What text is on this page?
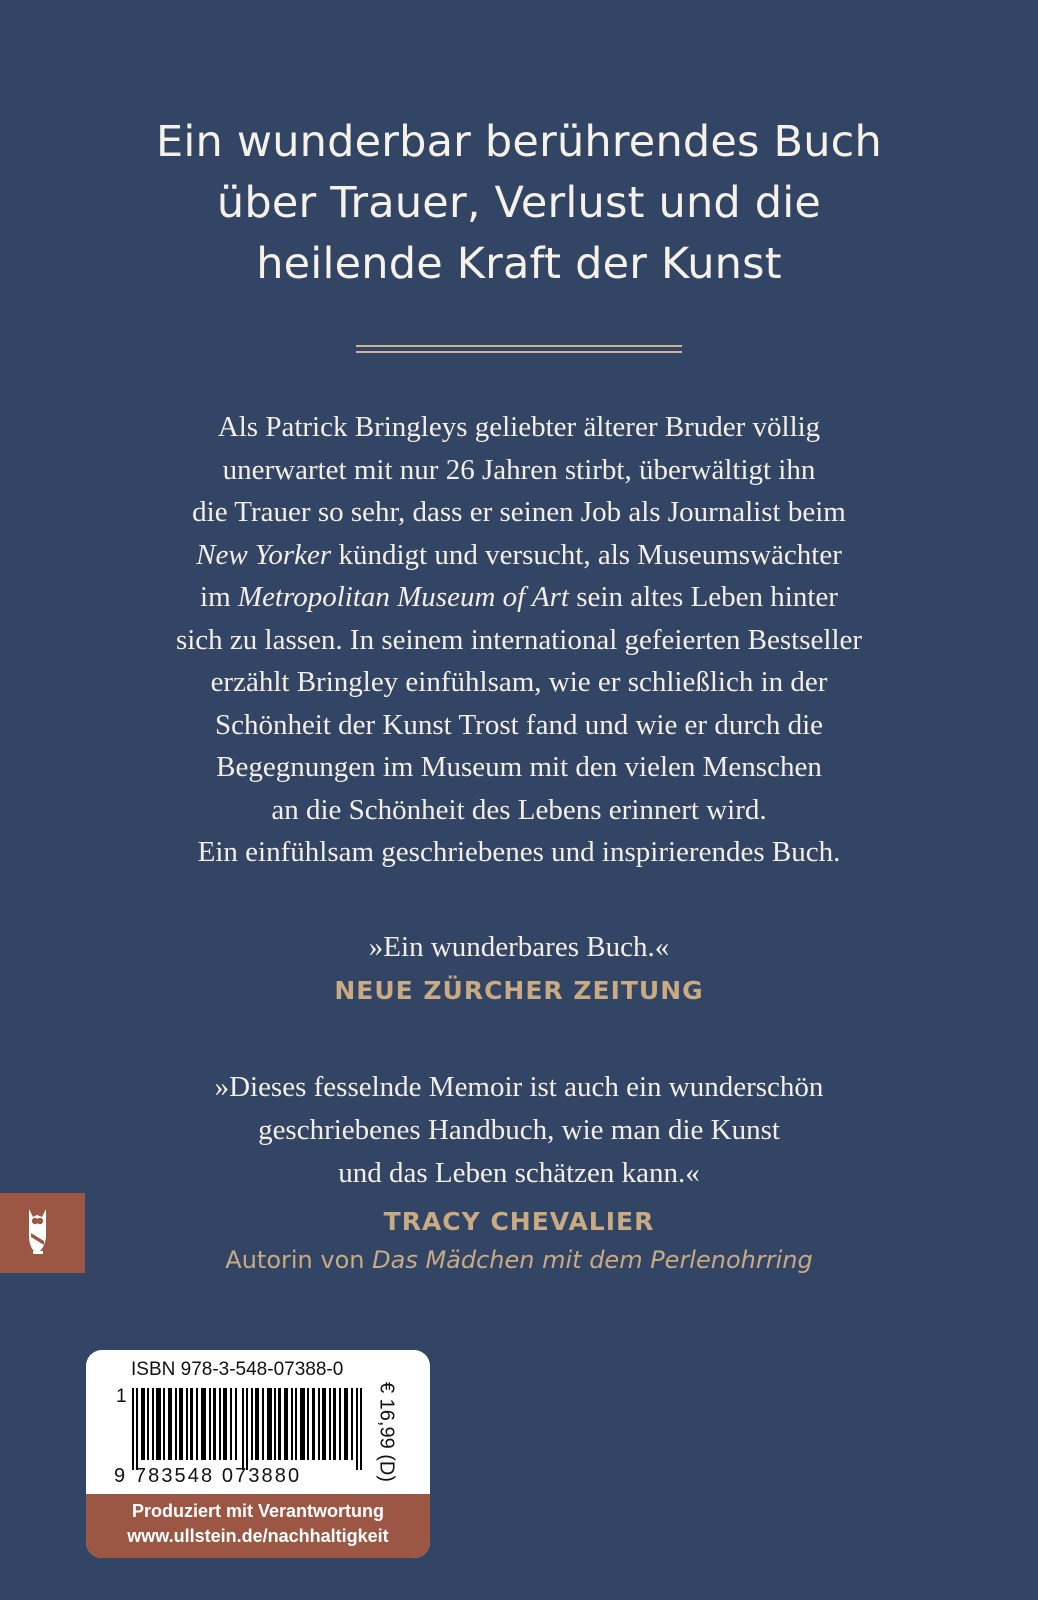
Ein wunderbar berührendes Buch
über Trauer, Verlust und die
heilende Kraft der Kunst
Als Patrick Bringleys geliebter älterer Bruder völlig
unerwartet mit nur 26 Jahren stirbt, überwältigt ihn
die Trauer so sehr, dass er seinen Job als Journalist beim
New Yorker kündigt und versucht, als Museumswächter
im Metropolitan Museum of Art sein altes Leben hinter
sich zu lassen. In seinem international gefeierten Bestseller
erzählt Bringley einfühlsam, wie er schließlich in der
Schönheit der Kunst Trost fand und wie er durch die
Begegnungen im Museum mit den vielen Menschen
an die Schönheit des Lebens erinnert wird.
Ein einfühlsam geschriebenes und inspirierendes Buch.
»Ein wunderbares Buch.«
NEUE ZÜRCHER ZEITUNG
»Dieses fesselnde Memoir ist auch ein wunderschön
geschriebenes Handbuch, wie man die Kunst
und das Leben schätzen kann.«
TRACY CHEVALIER
Autorin von Das Mädchen mit dem Perlenohrring
ISBN 978-3-548-07388-0
1
9 783548 073880	€ 16,99 (D)
Produziert mit Verantwortung
www.ullstein.de/nachhaltigkeit
